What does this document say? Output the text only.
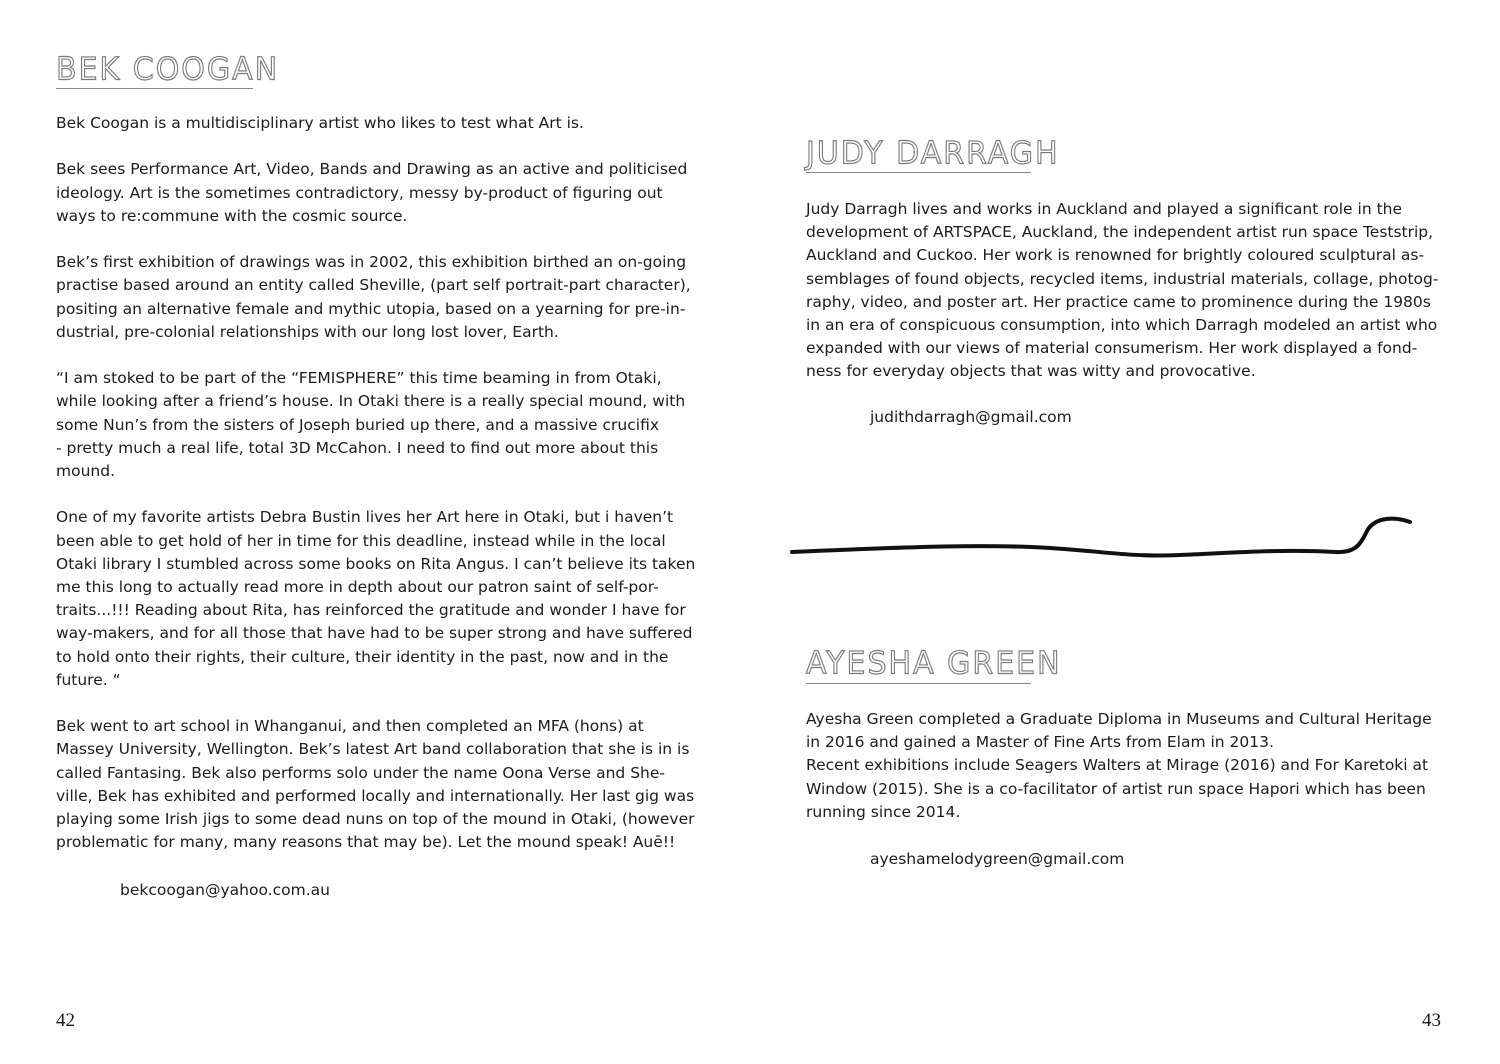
BEK COOGAN

Bek Coogan is a multidisciplinary artist who likes to test what Art is.

Bek sees Performance Art, Video, Bands and Drawing as an active and politicised
ideology. Art is the sometimes contradictory, messy by-product of figuring out
ways to re:commune with the cosmic source.

Bek’s first exhibition of drawings was in 2002, this exhibition birthed an on-going
practise based around an entity called Sheville, (part self portrait-part character),
positing an alternative female and mythic utopia, based on a yearning for pre-in-
dustrial, pre-colonial relationships with our long lost lover, Earth.

“I am stoked to be part of the “FEMISPHERE” this time beaming in from Otaki,
while looking after a friend’s house. In Otaki there is a really special mound, with
some Nun’s from the sisters of Joseph buried up there, and a massive crucifix
- pretty much a real life, total 3D McCahon. I need to find out more about this
mound.

One of my favorite artists Debra Bustin lives her Art here in Otaki, but i haven’t
been able to get hold of her in time for this deadline, instead while in the local
Otaki library I stumbled across some books on Rita Angus. I can’t believe its taken
me this long to actually read more in depth about our patron saint of self-por-
traits...!!! Reading about Rita, has reinforced the gratitude and wonder I have for
way-makers, and for all those that have had to be super strong and have suffered
to hold onto their rights, their culture, their identity in the past, now and in the
future. “

Bek went to art school in Whanganui, and then completed an MFA (hons) at
Massey University, Wellington. Bek’s latest Art band collaboration that she is in is
called Fantasing. Bek also performs solo under the name Oona Verse and She-
ville, Bek has exhibited and performed locally and internationally. Her last gig was
playing some Irish jigs to some dead nuns on top of the mound in Otaki, (however
problematic for many, many reasons that may be). Let the mound speak! Auē!!

bekcoogan@yahoo.com.au
42
JUDY DARRAGH
Judy Darragh lives and works in Auckland and played a significant role in the
development of ARTSPACE, Auckland, the independent artist run space Teststrip,
Auckland and Cuckoo. Her work is renowned for brightly coloured sculptural as-
semblages of found objects, recycled items, industrial materials, collage, photog-
raphy, video, and poster art. Her practice came to prominence during the 1980s
in an era of conspicuous consumption, into which Darragh modeled an artist who
expanded with our views of material consumerism. Her work displayed a fond-
ness for everyday objects that was witty and provocative.
judithdarragh@gmail.com
AYESHA GREEN
Ayesha Green completed a Graduate Diploma in Museums and Cultural Heritage
in 2016 and gained a Master of Fine Arts from Elam in 2013.
Recent exhibitions include Seagers Walters at Mirage (2016) and For Karetoki at
Window (2015). She is a co-facilitator of artist run space Hapori which has been
running since 2014.
ayeshamelodygreen@gmail.com
43
